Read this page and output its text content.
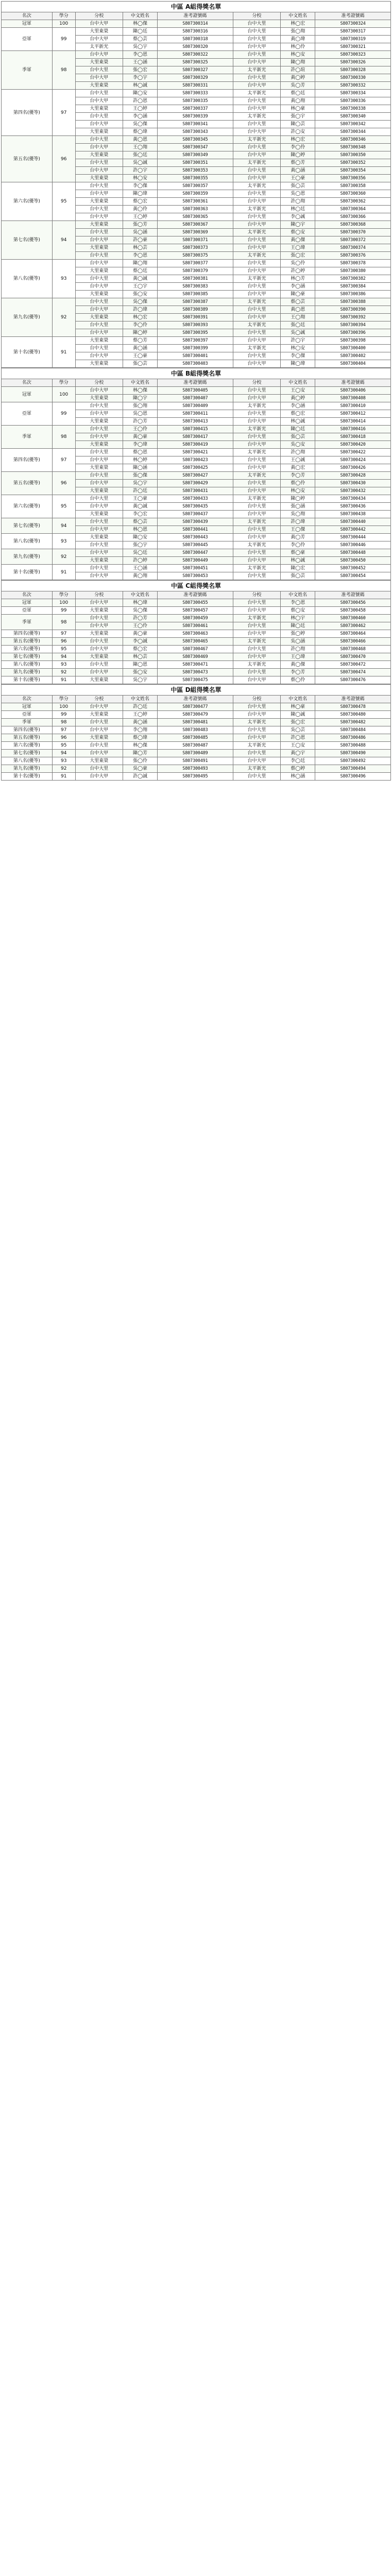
中區 A組得獎名單
名次	學分	分校	中文姓名	准考證號碼	分校	中文姓名	准考證號碼
冠軍	100	台中大甲	林◯傑	S807300314	台中大里	林◯宏	S807300324
亞軍	99	大里東榮	陳◯廷	S807300316	台中大里	張◯翔	S807300317
		台中大甲	蔡◯芸	S807300318	台中大里	黃◯瑋	S807300319
		太平新光	吳◯宇	S807300320	台中大甲	林◯伶	S807300321
季軍	98	台中大甲	李◯恩	S807300322	台中大里	林◯安	S807300323
		大里東榮	王◯涵	S807300325	台中大甲	陳◯翔	S807300326
		台中大里	張◯宏	S807300327	太平新光	許◯瑄	S807300328
		台中大甲	李◯宇	S807300329	台中大里	黃◯婷	S807300330
		大里東榮	林◯誠	S807300331	台中大甲	吳◯芳	S807300332
第四名(優等)	97	台中大里	陳◯安	S807300333	太平新光	蔡◯廷	S807300334
		台中大甲	許◯恩	S807300335	台中大里	黃◯翔	S807300336
		大里東榮	王◯婷	S807300337	台中大甲	林◯豪	S807300338
		台中大里	李◯涵	S807300339	太平新光	張◯宇	S807300340
		台中大甲	吳◯傑	S807300341	台中大里	陳◯芸	S807300342
		大里東榮	蔡◯瑋	S807300343	台中大甲	許◯安	S807300344
第五名(優等)	96	台中大里	黃◯恩	S807300345	太平新光	林◯宏	S807300346
		台中大甲	王◯翔	S807300347	台中大里	李◯伶	S807300348
		大里東榮	張◯廷	S807300349	台中大甲	陳◯婷	S807300350
		台中大里	吳◯誠	S807300351	太平新光	蔡◯芳	S807300352
		台中大甲	許◯宇	S807300353	台中大里	黃◯涵	S807300354
		大里東榮	林◯安	S807300355	台中大甲	王◯豪	S807300356
第六名(優等)	95	台中大里	李◯傑	S807300357	太平新光	張◯芸	S807300358
		台中大甲	陳◯瑋	S807300359	台中大里	吳◯恩	S807300360
		大里東榮	蔡◯宏	S807300361	台中大甲	許◯翔	S807300362
		台中大里	黃◯伶	S807300363	太平新光	林◯廷	S807300364
		台中大甲	王◯婷	S807300365	台中大里	李◯誠	S807300366
第七名(優等)	94	大里東榮	張◯芳	S807300367	台中大甲	陳◯宇	S807300368
		台中大里	吳◯涵	S807300369	太平新光	蔡◯安	S807300370
		台中大甲	許◯豪	S807300371	台中大里	黃◯傑	S807300372
		大里東榮	林◯芸	S807300373	台中大甲	王◯瑋	S807300374
		台中大里	李◯恩	S807300375	太平新光	張◯宏	S807300376
第八名(優等)	93	台中大甲	陳◯翔	S807300377	台中大里	吳◯伶	S807300378
		大里東榮	蔡◯廷	S807300379	台中大甲	許◯婷	S807300380
		台中大里	黃◯誠	S807300381	太平新光	林◯芳	S807300382
		台中大甲	王◯宇	S807300383	台中大里	李◯涵	S807300384
		大里東榮	張◯安	S807300385	台中大甲	陳◯豪	S807300386
第九名(優等)	92	台中大里	吳◯傑	S807300387	太平新光	蔡◯芸	S807300388
		台中大甲	許◯瑋	S807300389	台中大里	黃◯恩	S807300390
		大里東榮	林◯宏	S807300391	台中大甲	王◯翔	S807300392
		台中大里	李◯伶	S807300393	太平新光	張◯廷	S807300394
		台中大甲	陳◯婷	S807300395	台中大里	吳◯誠	S807300396
第十名(優等)	91	大里東榮	蔡◯芳	S807300397	台中大甲	許◯宇	S807300398
		台中大里	黃◯涵	S807300399	太平新光	林◯安	S807300400
		台中大甲	王◯豪	S807300401	台中大里	李◯傑	S807300402
		大里東榮	張◯芸	S807300403	台中大甲	陳◯瑋	S807300404
中區 B組得獎名單
名次	學分	分校	中文姓名	准考證號碼	分校	中文姓名	准考證號碼
冠軍	100	台中大甲	林◯傑	S807300405	台中大里	王◯安	S807300406
		大里東榮	陳◯宇	S807300407	台中大甲	黃◯婷	S807300408
亞軍	99	台中大里	張◯翔	S807300409	太平新光	李◯涵	S807300410
		台中大甲	吳◯恩	S807300411	台中大里	蔡◯宏	S807300412
		大里東榮	許◯芳	S807300413	台中大甲	林◯誠	S807300414
季軍	98	台中大里	王◯伶	S807300415	太平新光	陳◯廷	S807300416
		台中大甲	黃◯豪	S807300417	台中大里	張◯芸	S807300418
		大里東榮	李◯瑋	S807300419	台中大甲	吳◯安	S807300420
第四名(優等)	97	台中大里	蔡◯恩	S807300421	太平新光	許◯翔	S807300422
		台中大甲	林◯婷	S807300423	台中大里	王◯誠	S807300424
		大里東榮	陳◯涵	S807300425	台中大甲	黃◯宏	S807300426
第五名(優等)	96	台中大里	張◯傑	S807300427	太平新光	李◯芳	S807300428
		台中大甲	吳◯宇	S807300429	台中大里	蔡◯伶	S807300430
		大里東榮	許◯廷	S807300431	台中大甲	林◯安	S807300432
第六名(優等)	95	台中大里	王◯豪	S807300433	太平新光	陳◯婷	S807300434
		台中大甲	黃◯誠	S807300435	台中大里	張◯涵	S807300436
		大里東榮	李◯宏	S807300437	台中大甲	吳◯翔	S807300438
第七名(優等)	94	台中大里	蔡◯芸	S807300439	太平新光	許◯瑋	S807300440
		台中大甲	林◯恩	S807300441	台中大里	王◯傑	S807300442
第八名(優等)	93	大里東榮	陳◯安	S807300443	台中大甲	黃◯芳	S807300444
		台中大里	張◯宇	S807300445	太平新光	李◯伶	S807300446
第九名(優等)	92	台中大甲	吳◯廷	S807300447	台中大里	蔡◯豪	S807300448
		大里東榮	許◯婷	S807300449	台中大甲	林◯誠	S807300450
第十名(優等)	91	台中大里	王◯涵	S807300451	太平新光	陳◯宏	S807300452
		台中大甲	黃◯翔	S807300453	台中大里	張◯芸	S807300454
中區 C組得獎名單
名次	學分	分校	中文姓名	准考證號碼	分校	中文姓名	准考證號碼
冠軍	100	台中大甲	林◯瑋	S807300455	台中大里	李◯恩	S807300456
亞軍	99	大里東榮	吳◯傑	S807300457	台中大甲	蔡◯安	S807300458
季軍	98	台中大里	許◯芳	S807300459	太平新光	林◯宇	S807300460
		台中大甲	王◯伶	S807300461	台中大里	陳◯廷	S807300462
第四名(優等)	97	大里東榮	黃◯豪	S807300463	台中大甲	張◯婷	S807300464
第五名(優等)	96	台中大里	李◯誠	S807300465	太平新光	吳◯涵	S807300466
第六名(優等)	95	台中大甲	蔡◯宏	S807300467	台中大里	許◯翔	S807300468
第七名(優等)	94	大里東榮	林◯芸	S807300469	台中大甲	王◯瑋	S807300470
第八名(優等)	93	台中大里	陳◯恩	S807300471	太平新光	黃◯傑	S807300472
第九名(優等)	92	台中大甲	張◯安	S807300473	台中大里	李◯芳	S807300474
第十名(優等)	91	大里東榮	吳◯宇	S807300475	台中大甲	蔡◯伶	S807300476
中區 D組得獎名單
名次	學分	分校	中文姓名	准考證號碼	分校	中文姓名	准考證號碼
冠軍	100	台中大甲	許◯廷	S807300477	台中大里	林◯豪	S807300478
亞軍	99	大里東榮	王◯婷	S807300479	台中大甲	陳◯誠	S807300480
季軍	98	台中大里	黃◯涵	S807300481	太平新光	張◯宏	S807300482
第四名(優等)	97	台中大甲	李◯翔	S807300483	台中大里	吳◯芸	S807300484
第五名(優等)	96	大里東榮	蔡◯瑋	S807300485	台中大甲	許◯恩	S807300486
第六名(優等)	95	台中大里	林◯傑	S807300487	太平新光	王◯安	S807300488
第七名(優等)	94	台中大甲	陳◯芳	S807300489	台中大里	黃◯宇	S807300490
第八名(優等)	93	大里東榮	張◯伶	S807300491	台中大甲	李◯廷	S807300492
第九名(優等)	92	台中大里	吳◯豪	S807300493	太平新光	蔡◯婷	S807300494
第十名(優等)	91	台中大甲	許◯誠	S807300495	台中大里	林◯涵	S807300496
